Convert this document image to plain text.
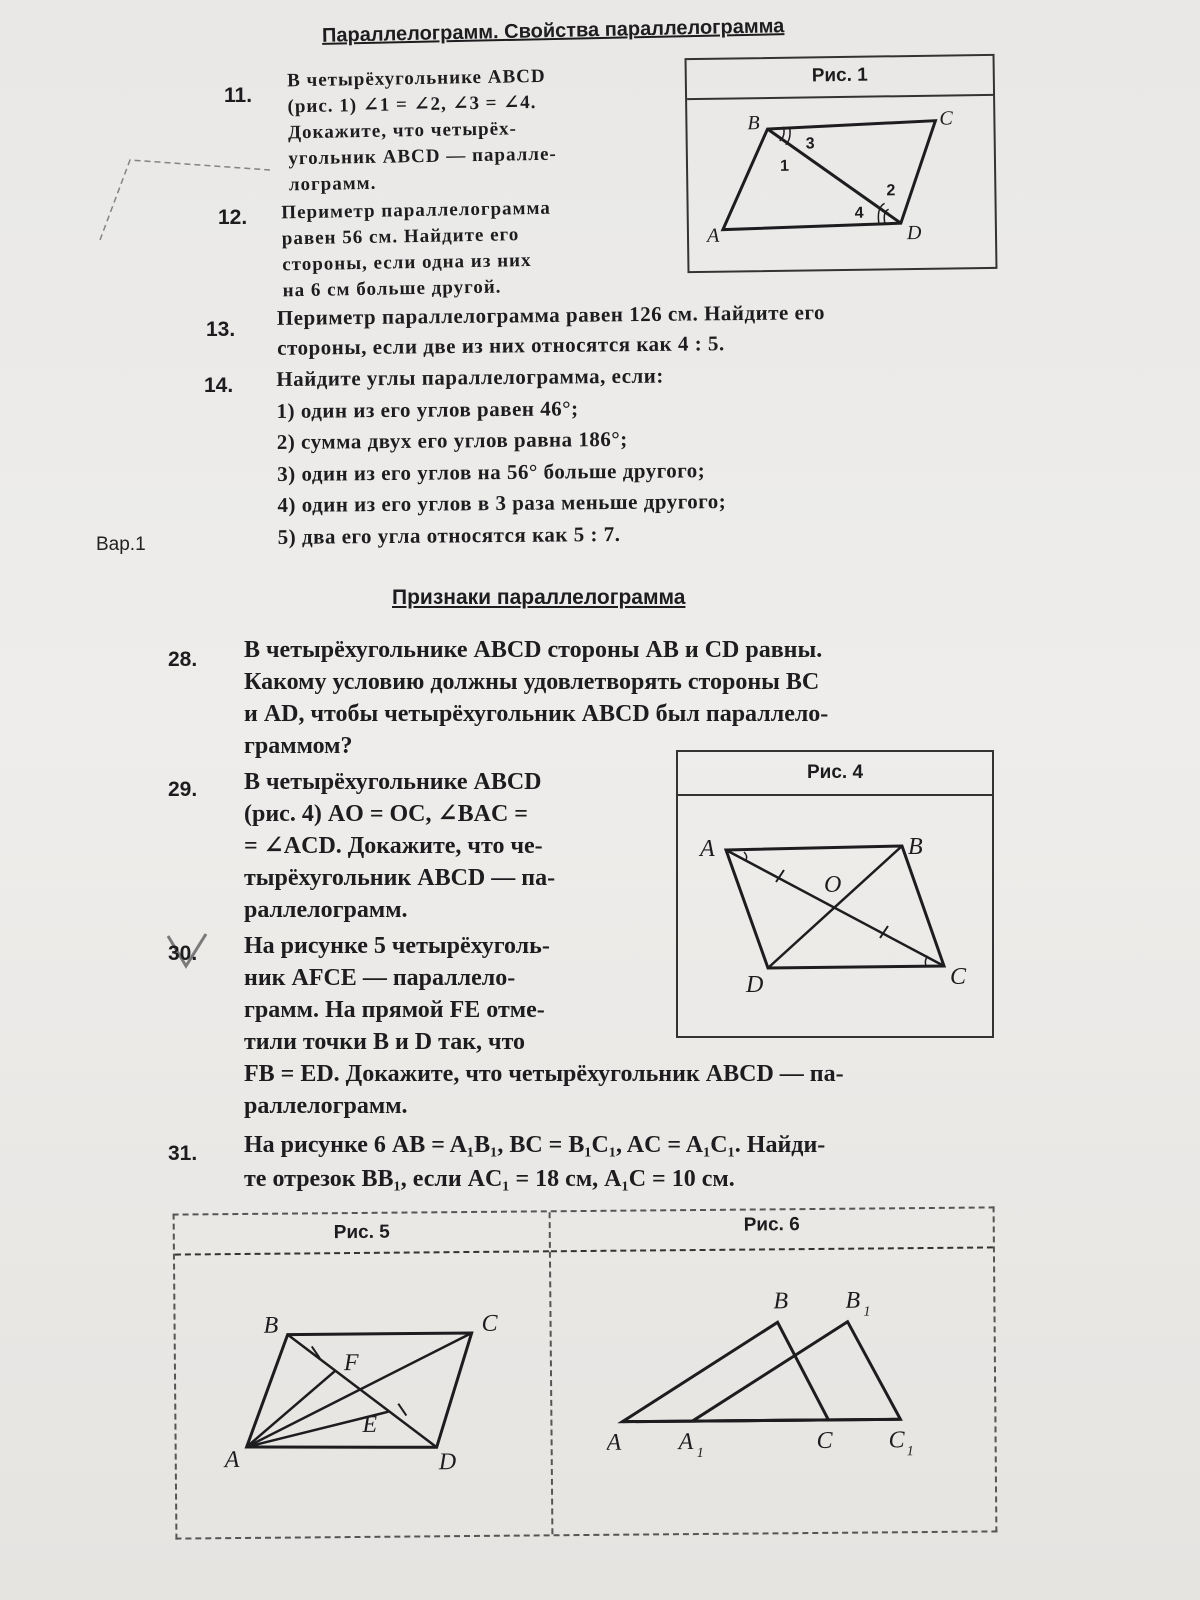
Параллелограмм. Свойства параллелограмма
11.
В четырёхугольнике ABCD
(рис. 1) ∠1 = ∠2, ∠3 = ∠4.
Докажите, что четырёх-
угольник ABCD — паралле-
лограмм.
12. Периметр параллелограмма
равен 56 см. Найдите его
стороны, если одна из них
на 6 см больше другой.
13. Периметр параллелограмма равен 126 см. Найдите его
стороны, если две из них относятся как 4 : 5.
14. Найдите углы параллелограмма, если:
1) один из его углов равен 46°;
2) сумма двух его углов равна 186°;
3) один из его углов на 56° больше другого;
4) один из его углов в 3 раза меньше другого;
5) два его угла относятся как 5 : 7.
Рис. 1
A
B	C
D
1
2
3
4
Вар.1
Признаки параллелограмма
28. В четырёхугольнике ABCD стороны AB и CD равны.
Какому условию должны удовлетворять стороны BC
и AD, чтобы четырёхугольник ABCD был параллело-
граммом?
29. В четырёхугольнике ABCD
(рис. 4) AO = OC, ∠BAC =
= ∠ACD. Докажите, что че-
тырёхугольник ABCD — па-
раллелограмм.
30. На рисунке 5 четырёхуголь-
ник AFCE — параллело-
грамм. На прямой FE отме-
тили точки B и D так, что
FB = ED. Докажите, что четырёхугольник ABCD — па-
раллелограмм.
31. На рисунке 6 AB = A₁B₁, BC = B₁C₁, AC = A₁C₁. Найди-
те отрезок BB₁, если AC₁ = 18 см, A₁C = 10 см.
Рис. 4
A	B
C
D
O
Рис. 5	Рис. 6
A
B	C
D
E
F
A A 1
B B 1
C C 1
